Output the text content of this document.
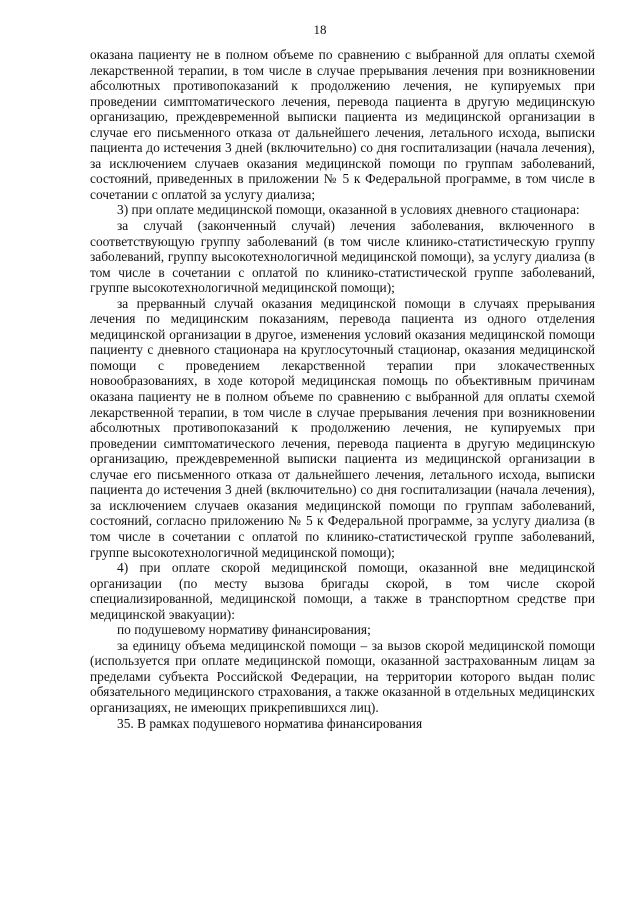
18

оказана пациенту не в полном объеме по сравнению с выбранной для оплаты схемой лекарственной терапии, в том числе в случае прерывания лечения при возникновении абсолютных противопоказаний к продолжению лечения, не купируемых при проведении симптоматического лечения, перевода пациента в другую медицинскую организацию, преждевременной выписки пациента из медицинской организации в случае его письменного отказа от дальнейшего лечения, летального исхода, выписки пациента до истечения 3 дней (включительно) со дня госпитализации (начала лечения), за исключением случаев оказания медицинской помощи по группам заболеваний, состояний, приведенных в приложении № 5 к Федеральной программе, в том числе в сочетании с оплатой за услугу диализа;

3) при оплате медицинской помощи, оказанной в условиях дневного стационара:

за случай (законченный случай) лечения заболевания, включенного в соответствующую группу заболеваний (в том числе клинико-статистическую группу заболеваний, группу высокотехнологичной медицинской помощи), за услугу диализа (в том числе в сочетании с оплатой по клинико-статистической группе заболеваний, группе высокотехнологичной медицинской помощи);

за прерванный случай оказания медицинской помощи в случаях прерывания лечения по медицинским показаниям, перевода пациента из одного отделения медицинской организации в другое, изменения условий оказания медицинской помощи пациенту с дневного стационара на круглосуточный стационар, оказания медицинской помощи с проведением лекарственной терапии при злокачественных новообразованиях, в ходе которой медицинская помощь по объективным причинам оказана пациенту не в полном объеме по сравнению с выбранной для оплаты схемой лекарственной терапии, в том числе в случае прерывания лечения при возникновении абсолютных противопоказаний к продолжению лечения, не купируемых при проведении симптоматического лечения, перевода пациента в другую медицинскую организацию, преждевременной выписки пациента из медицинской организации в случае его письменного отказа от дальнейшего лечения, летального исхода, выписки пациента до истечения 3 дней (включительно) со дня госпитализации (начала лечения), за исключением случаев оказания медицинской помощи по группам заболеваний, состояний, согласно приложению № 5 к Федеральной программе, за услугу диализа (в том числе в сочетании с оплатой по клинико-статистической группе заболеваний, группе высокотехнологичной медицинской помощи);

4) при оплате скорой медицинской помощи, оказанной вне медицинской организации (по месту вызова бригады скорой, в том числе скорой специализированной, медицинской помощи, а также в транспортном средстве при медицинской эвакуации):

по подушевому нормативу финансирования;

за единицу объема медицинской помощи – за вызов скорой медицинской помощи (используется при оплате медицинской помощи, оказанной застрахованным лицам за пределами субъекта Российской Федерации, на территории которого выдан полис обязательного медицинского страхования, а также оказанной в отдельных медицинских организациях, не имеющих прикрепившихся лиц).

35. В рамках подушевого норматива финансирования
